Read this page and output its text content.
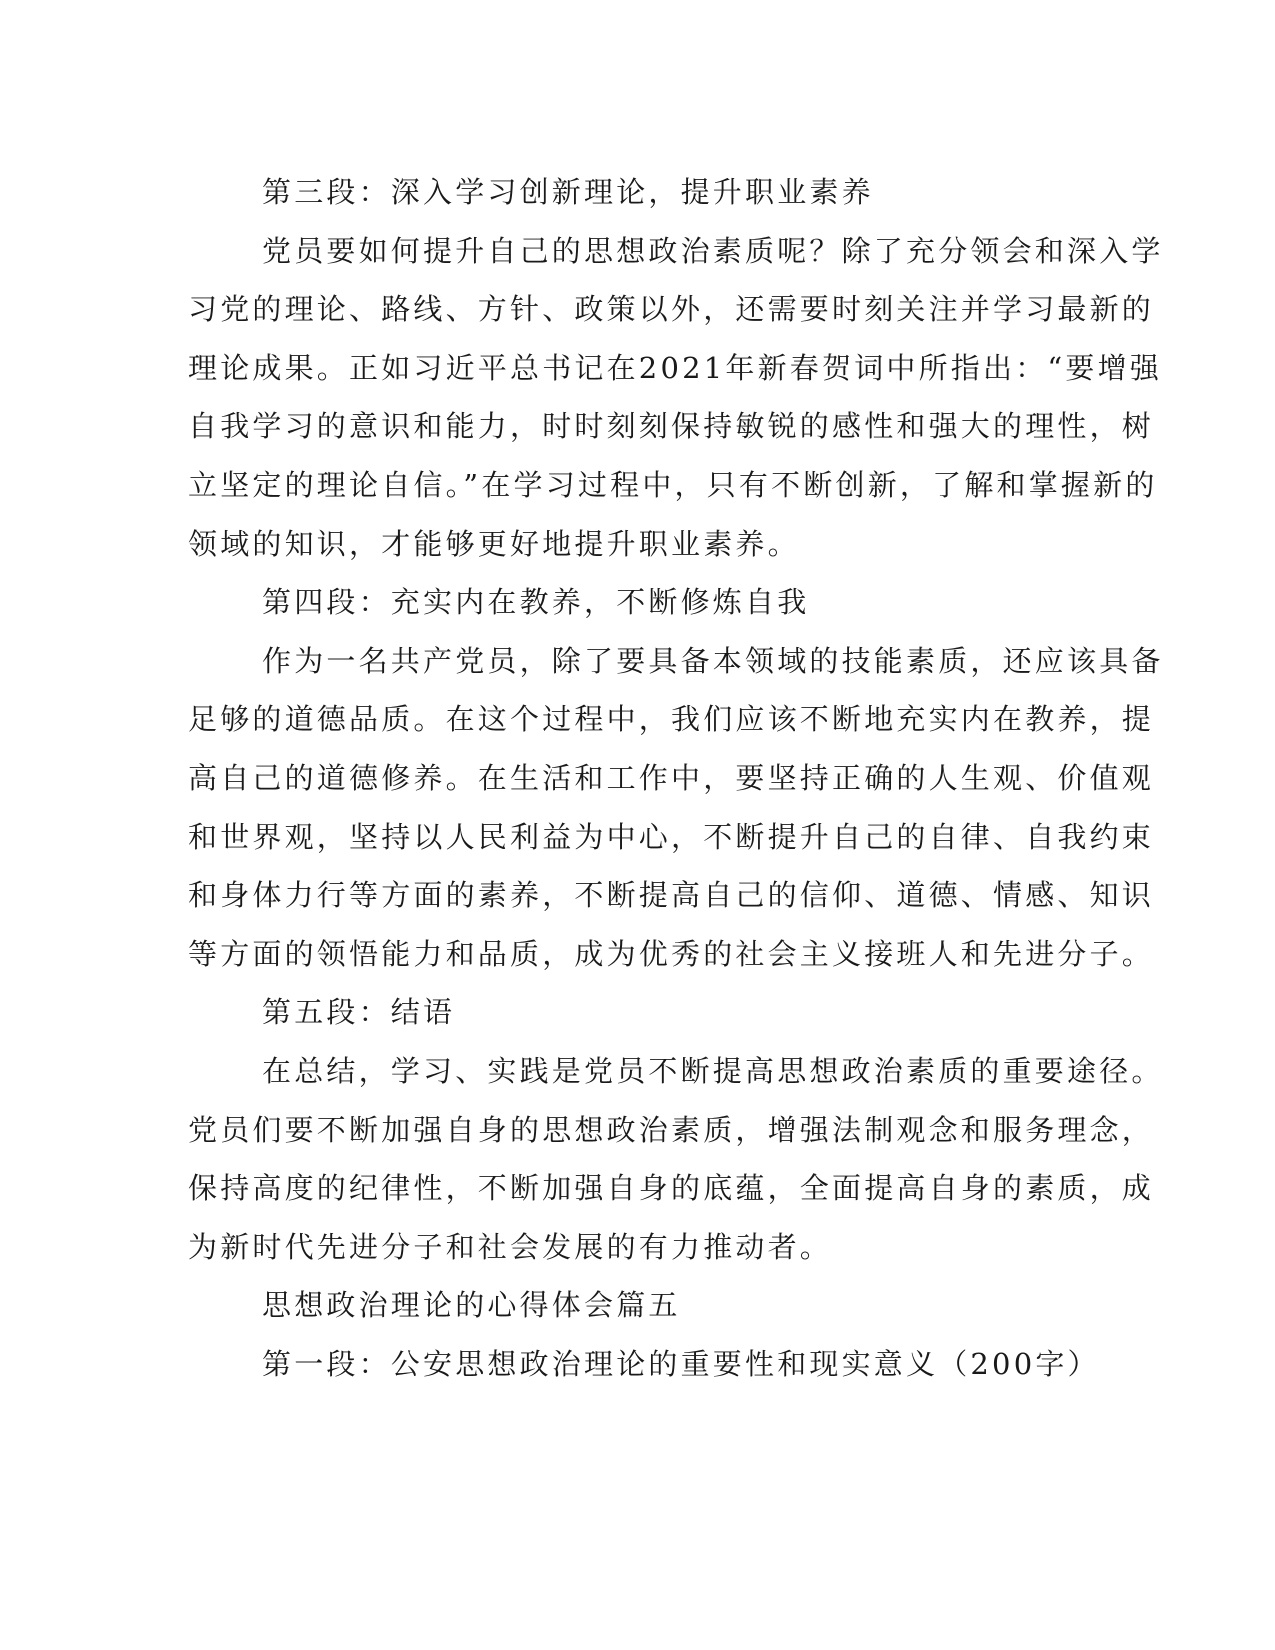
第三段：深入学习创新理论，提升职业素养
党员要如何提升自己的思想政治素质呢？除了充分领会和深入学
习党的理论、路线、方针、政策以外，还需要时刻关注并学习最新的
理论成果。正如习近平总书记在2021年新春贺词中所指出：“要增强
自我学习的意识和能力，时时刻刻保持敏锐的感性和强大的理性，树
立坚定的理论自信。”在学习过程中，只有不断创新，了解和掌握新的
领域的知识，才能够更好地提升职业素养。
第四段：充实内在教养，不断修炼自我
作为一名共产党员，除了要具备本领域的技能素质，还应该具备
足够的道德品质。在这个过程中，我们应该不断地充实内在教养，提
高自己的道德修养。在生活和工作中，要坚持正确的人生观、价值观
和世界观，坚持以人民利益为中心，不断提升自己的自律、自我约束
和身体力行等方面的素养，不断提高自己的信仰、道德、情感、知识
等方面的领悟能力和品质，成为优秀的社会主义接班人和先进分子。
第五段：结语
在总结，学习、实践是党员不断提高思想政治素质的重要途径。
党员们要不断加强自身的思想政治素质，增强法制观念和服务理念，
保持高度的纪律性，不断加强自身的底蕴，全面提高自身的素质，成
为新时代先进分子和社会发展的有力推动者。
思想政治理论的心得体会篇五
第一段：公安思想政治理论的重要性和现实意义（200字）
